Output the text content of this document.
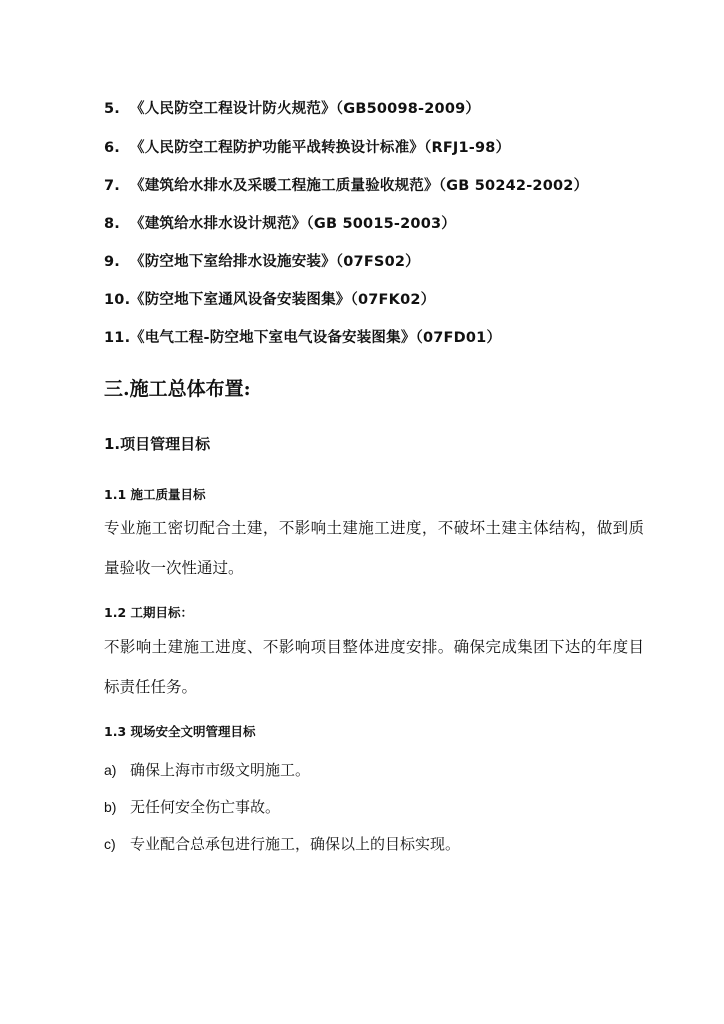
5. 《人民防空工程设计防火规范》（GB50098-2009）
6. 《人民防空工程防护功能平战转换设计标准》（RFJ1-98）
7. 《建筑给水排水及采暖工程施工质量验收规范》（GB 50242-2002）
8. 《建筑给水排水设计规范》（GB 50015-2003）
9. 《防空地下室给排水设施安装》（07FS02）
10.《防空地下室通风设备安装图集》（07FK02）
11.《电气工程-防空地下室电气设备安装图集》（07FD01）
三.施工总体布置:
1.项目管理目标
1.1 施工质量目标
专业施工密切配合土建，不影响土建施工进度，不破坏土建主体结构，做到质量验收一次性通过。
1.2 工期目标：
不影响土建施工进度、不影响项目整体进度安排。确保完成集团下达的年度目标责任任务。
1.3 现场安全文明管理目标
a) 确保上海市市级文明施工。
b) 无任何安全伤亡事故。
c) 专业配合总承包进行施工，确保以上的目标实现。
